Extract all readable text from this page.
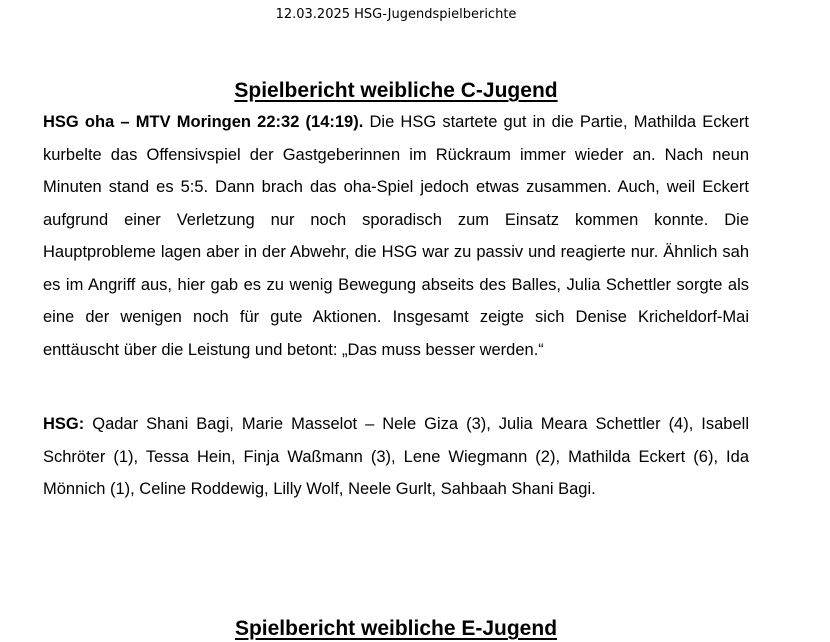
12.03.2025 HSG-Jugendspielberichte
Spielbericht weibliche C-Jugend

HSG oha – MTV Moringen 22:32 (14:19). Die HSG startete gut in die Partie, Mathilda Eckert kurbelte das Offensivspiel der Gastgeberinnen im Rückraum immer wieder an. Nach neun Minuten stand es 5:5. Dann brach das oha-Spiel jedoch etwas zusammen. Auch, weil Eckert aufgrund einer Verletzung nur noch sporadisch zum Einsatz kommen konnte. Die Hauptprobleme lagen aber in der Abwehr, die HSG war zu passiv und reagierte nur. Ähnlich sah es im Angriff aus, hier gab es zu wenig Bewegung abseits des Balles, Julia Schettler sorgte als eine der wenigen noch für gute Aktionen. Insgesamt zeigte sich Denise Kricheldorf-Mai enttäuscht über die Leistung und betont: „Das muss besser werden.“

HSG: Qadar Shani Bagi, Marie Masselot – Nele Giza (3), Julia Meara Schettler (4), Isabell Schröter (1), Tessa Hein, Finja Waßmann (3), Lene Wiegmann (2), Mathilda Eckert (6), Ida Mönnich (1), Celine Roddewig, Lilly Wolf, Neele Gurlt, Sahbaah Shani Bagi.

Spielbericht weibliche E-Jugend
